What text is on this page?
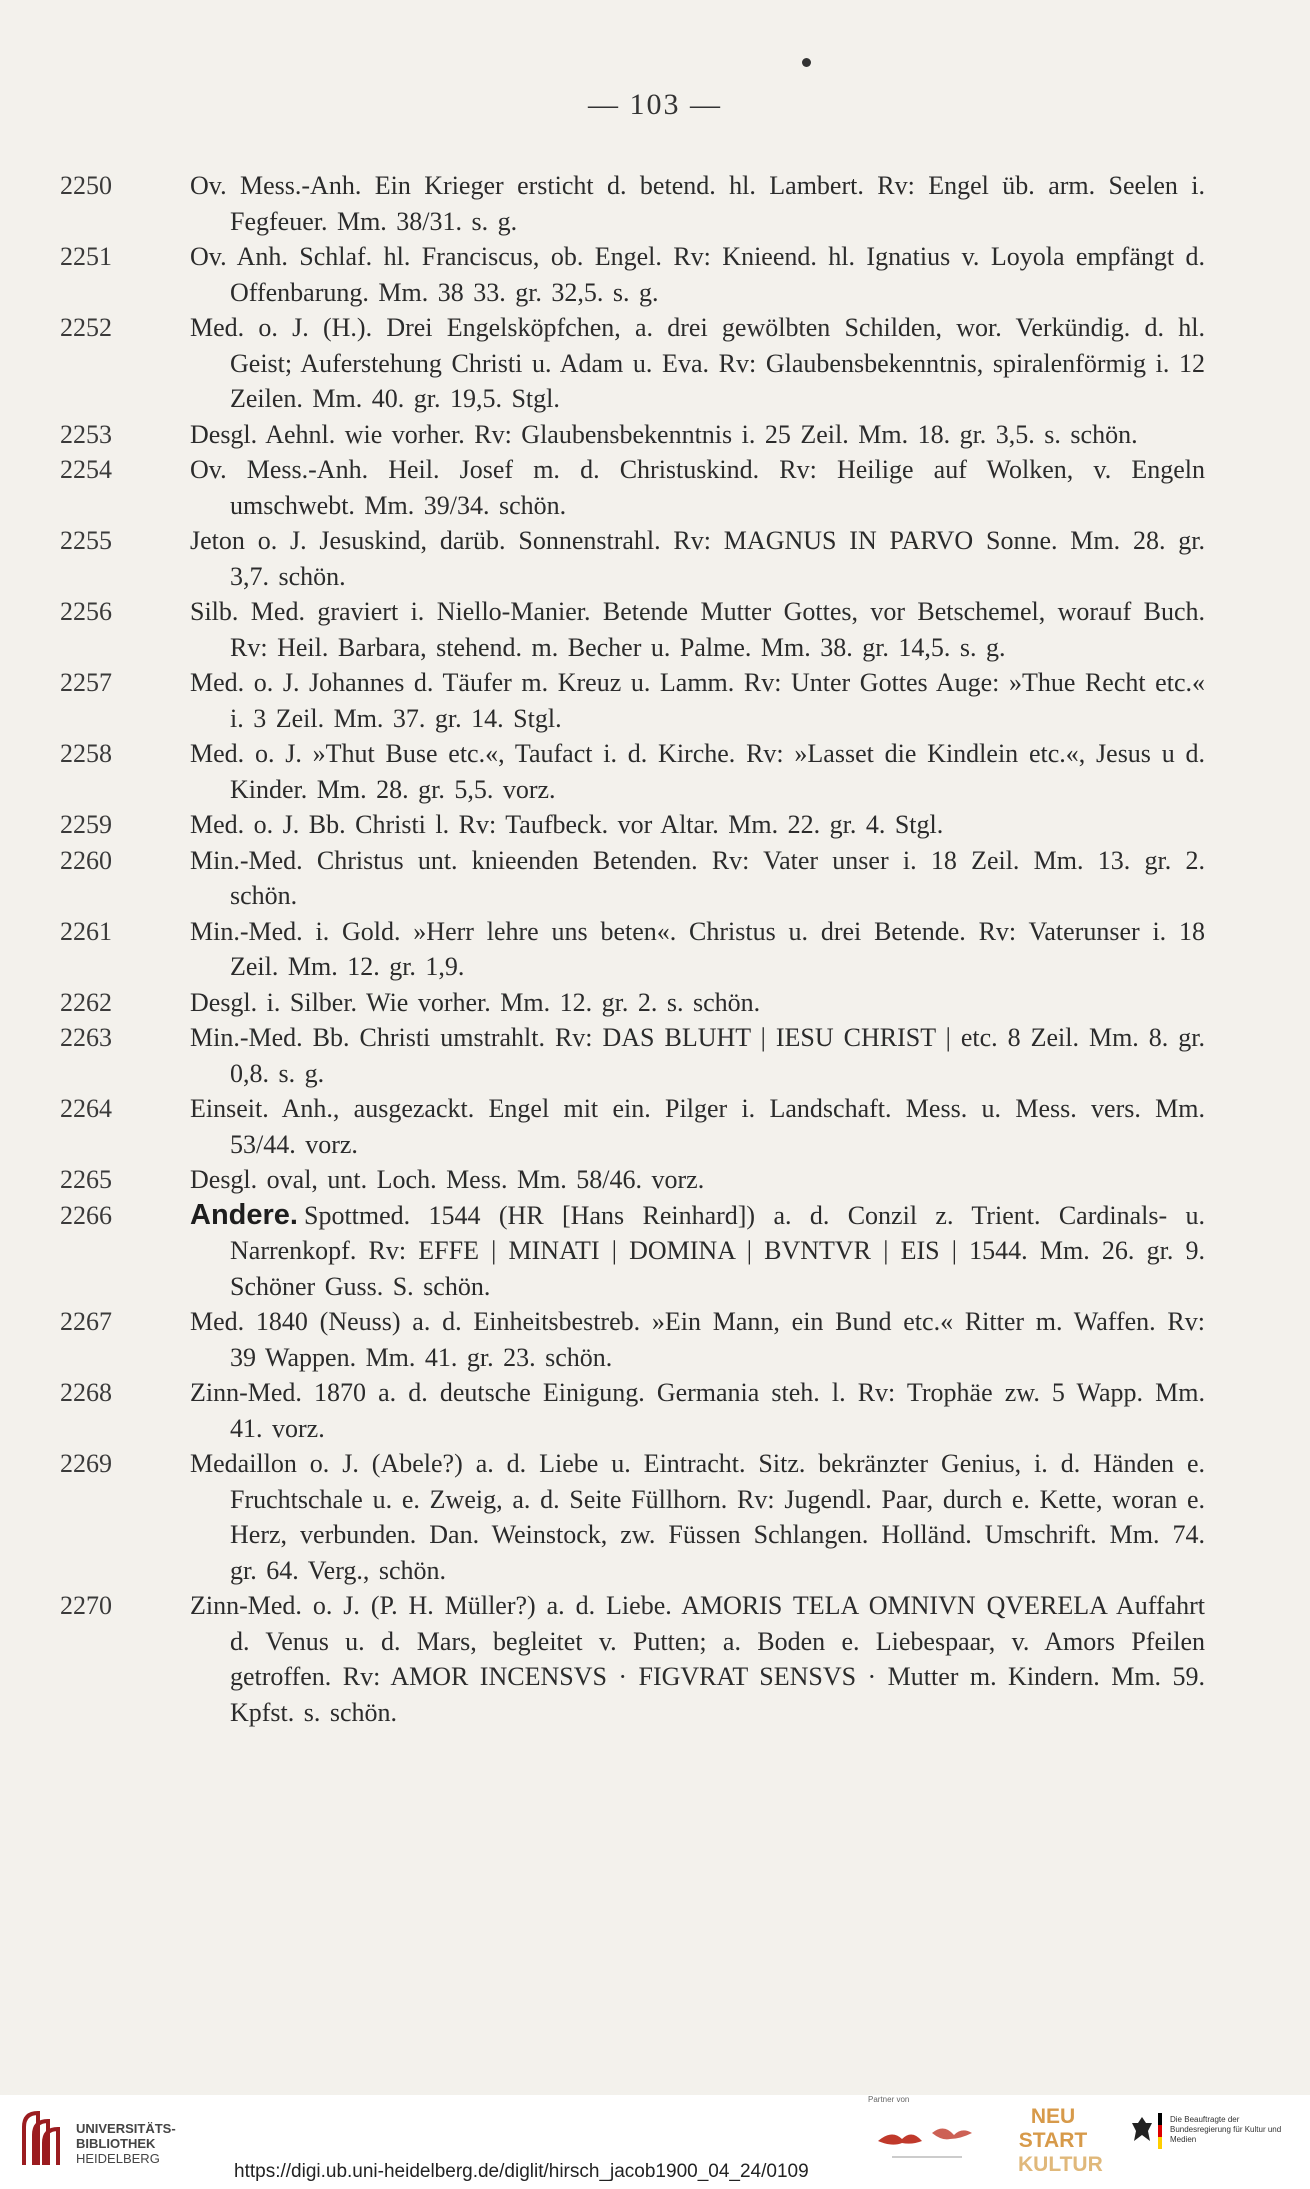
— 103 —
2250	Ov. Mess.-Anh. Ein Krieger ersticht d. betend. hl. Lambert. Rv: Engel üb. arm. Seelen i. Fegfeuer. Mm. 38/31. s. g.
2251	Ov. Anh. Schlaf. hl. Franciscus, ob. Engel. Rv: Knieend. hl. Ignatius v. Loyola empfängt d. Offenbarung. Mm. 38 33. gr. 32,5. s. g.
2252	Med. o. J. (H.). Drei Engelsköpfchen, a. drei gewölbten Schilden, wor. Verkündig. d. hl. Geist; Auferstehung Christi u. Adam u. Eva. Rv: Glaubensbekenntnis, spiralenförmig i. 12 Zeilen. Mm. 40. gr. 19,5. Stgl.
2253	Desgl. Aehnl. wie vorher. Rv: Glaubensbekenntnis i. 25 Zeil. Mm. 18. gr. 3,5. s. schön.
2254	Ov. Mess.-Anh. Heil. Josef m. d. Christuskind. Rv: Heilige auf Wolken, v. Engeln umschwebt. Mm. 39/34. schön.
2255	Jeton o. J. Jesuskind, darüb. Sonnenstrahl. Rv: MAGNUS IN PARVO Sonne. Mm. 28. gr. 3,7. schön.
2256	Silb. Med. graviert i. Niello-Manier. Betende Mutter Gottes, vor Betschemel, worauf Buch. Rv: Heil. Barbara, stehend. m. Becher u. Palme. Mm. 38. gr. 14,5. s. g.
2257	Med. o. J. Johannes d. Täufer m. Kreuz u. Lamm. Rv: Unter Gottes Auge: »Thue Recht etc.« i. 3 Zeil. Mm. 37. gr. 14. Stgl.
2258	Med. o. J. »Thut Buse etc.«, Taufact i. d. Kirche. Rv: »Lasset die Kindlein etc.«, Jesus u d. Kinder. Mm. 28. gr. 5,5. vorz.
2259	Med. o. J. Bb. Christi l. Rv: Taufbeck. vor Altar. Mm. 22. gr. 4. Stgl.
2260	Min.-Med. Christus unt. knieenden Betenden. Rv: Vater unser i. 18 Zeil. Mm. 13. gr. 2. schön.
2261	Min.-Med. i. Gold. »Herr lehre uns beten«. Christus u. drei Betende. Rv: Vaterunser i. 18 Zeil. Mm. 12. gr. 1,9.
2262	Desgl. i. Silber. Wie vorher. Mm. 12. gr. 2. s. schön.
2263	Min.-Med. Bb. Christi umstrahlt. Rv: DAS BLUHT | IESU CHRIST | etc. 8 Zeil. Mm. 8. gr. 0,8. s. g.
2264	Einseit. Anh., ausgezackt. Engel mit ein. Pilger i. Landschaft. Mess. u. Mess. vers. Mm. 53/44. vorz.
2265	Desgl. oval, unt. Loch. Mess. Mm. 58/46. vorz.
2266	Andere. Spottmed. 1544 (HR [Hans Reinhard]) a. d. Conzil z. Trient. Cardinals- u. Narrenkopf. Rv: EFFE | MINATI | DOMINA | BVNTVR | EIS | 1544. Mm. 26. gr. 9. Schöner Guss. S. schön.
2267	Med. 1840 (Neuss) a. d. Einheitsbestreb. »Ein Mann, ein Bund etc.« Ritter m. Waffen. Rv: 39 Wappen. Mm. 41. gr. 23. schön.
2268	Zinn-Med. 1870 a. d. deutsche Einigung. Germania steh. l. Rv: Trophäe zw. 5 Wapp. Mm. 41. vorz.
2269	Medaillon o. J. (Abele?) a. d. Liebe u. Eintracht. Sitz. bekränzter Genius, i. d. Händen e. Fruchtschale u. e. Zweig, a. d. Seite Füllhorn. Rv: Jugendl. Paar, durch e. Kette, woran e. Herz, verbunden. Dan. Weinstock, zw. Füssen Schlangen. Holländ. Umschrift. Mm. 74. gr. 64. Verg., schön.
2270	Zinn-Med. o. J. (P. H. Müller?) a. d. Liebe. AMORIS TELA OMNIVN QVERELA Auffahrt d. Venus u. d. Mars, begleitet v. Putten; a. Boden e. Liebespaar, v. Amors Pfeilen getroffen. Rv: AMOR INCENSVS · FIGVRAT SENSVS · Mutter m. Kindern. Mm. 59. Kpfst. s. schön.
UNIVERSITÄTS-
BIBLIOTHEK
HEIDELBERG
https://digi.ub.uni-heidelberg.de/diglit/hirsch_jacob1900_04_24/0109
Partner von
NEU
START
KULTUR
Die Beauftragte der Bundesregierung für Kultur und Medien
